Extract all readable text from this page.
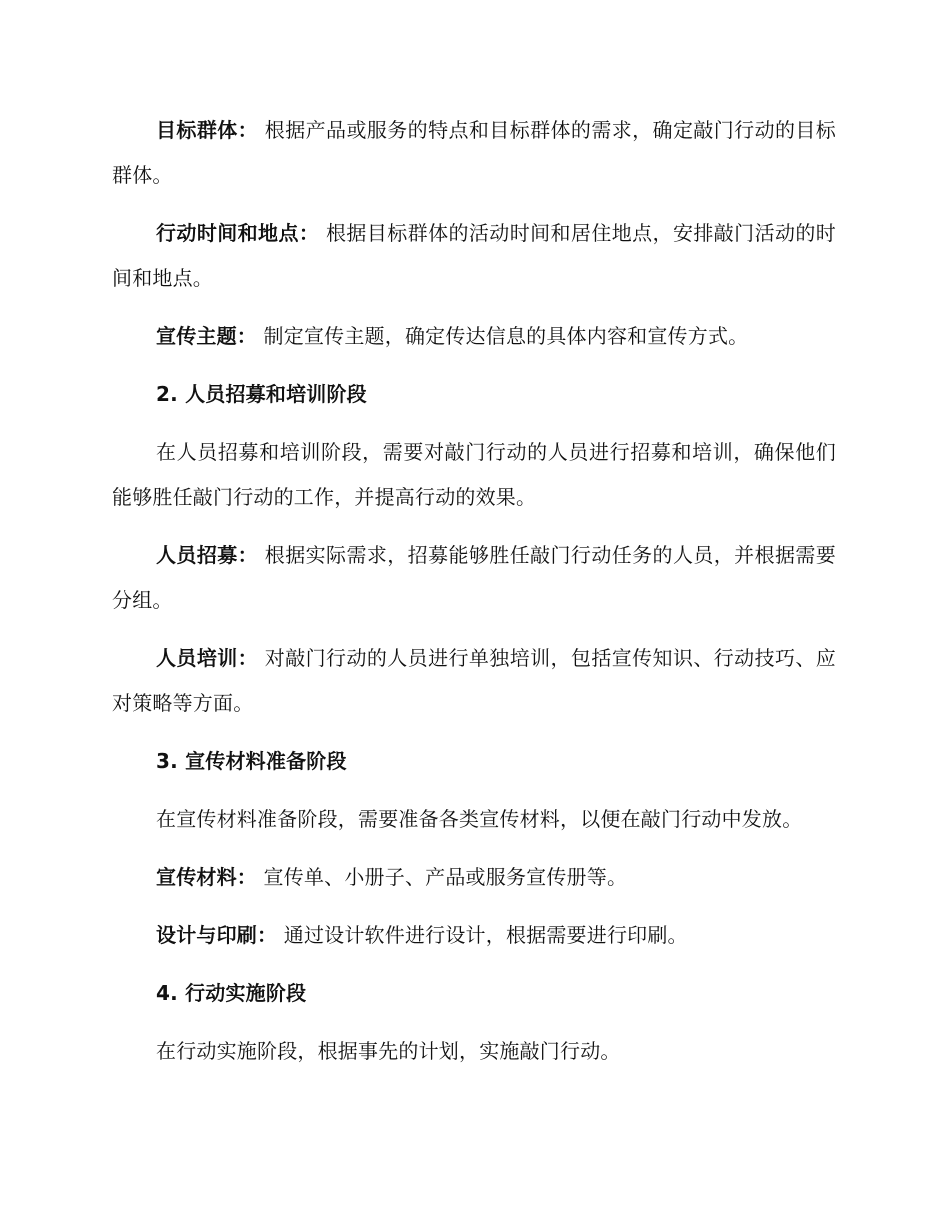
目标群体： 根据产品或服务的特点和目标群体的需求，确定敲门行动的目标群体。

行动时间和地点： 根据目标群体的活动时间和居住地点，安排敲门活动的时间和地点。

宣传主题： 制定宣传主题，确定传达信息的具体内容和宣传方式。

2. 人员招募和培训阶段

在人员招募和培训阶段，需要对敲门行动的人员进行招募和培训，确保他们能够胜任敲门行动的工作，并提高行动的效果。

人员招募： 根据实际需求，招募能够胜任敲门行动任务的人员，并根据需要分组。

人员培训： 对敲门行动的人员进行单独培训，包括宣传知识、行动技巧、应对策略等方面。

3. 宣传材料准备阶段

在宣传材料准备阶段，需要准备各类宣传材料，以便在敲门行动中发放。

宣传材料： 宣传单、小册子、产品或服务宣传册等。

设计与印刷： 通过设计软件进行设计，根据需要进行印刷。

4. 行动实施阶段

在行动实施阶段，根据事先的计划，实施敲门行动。
